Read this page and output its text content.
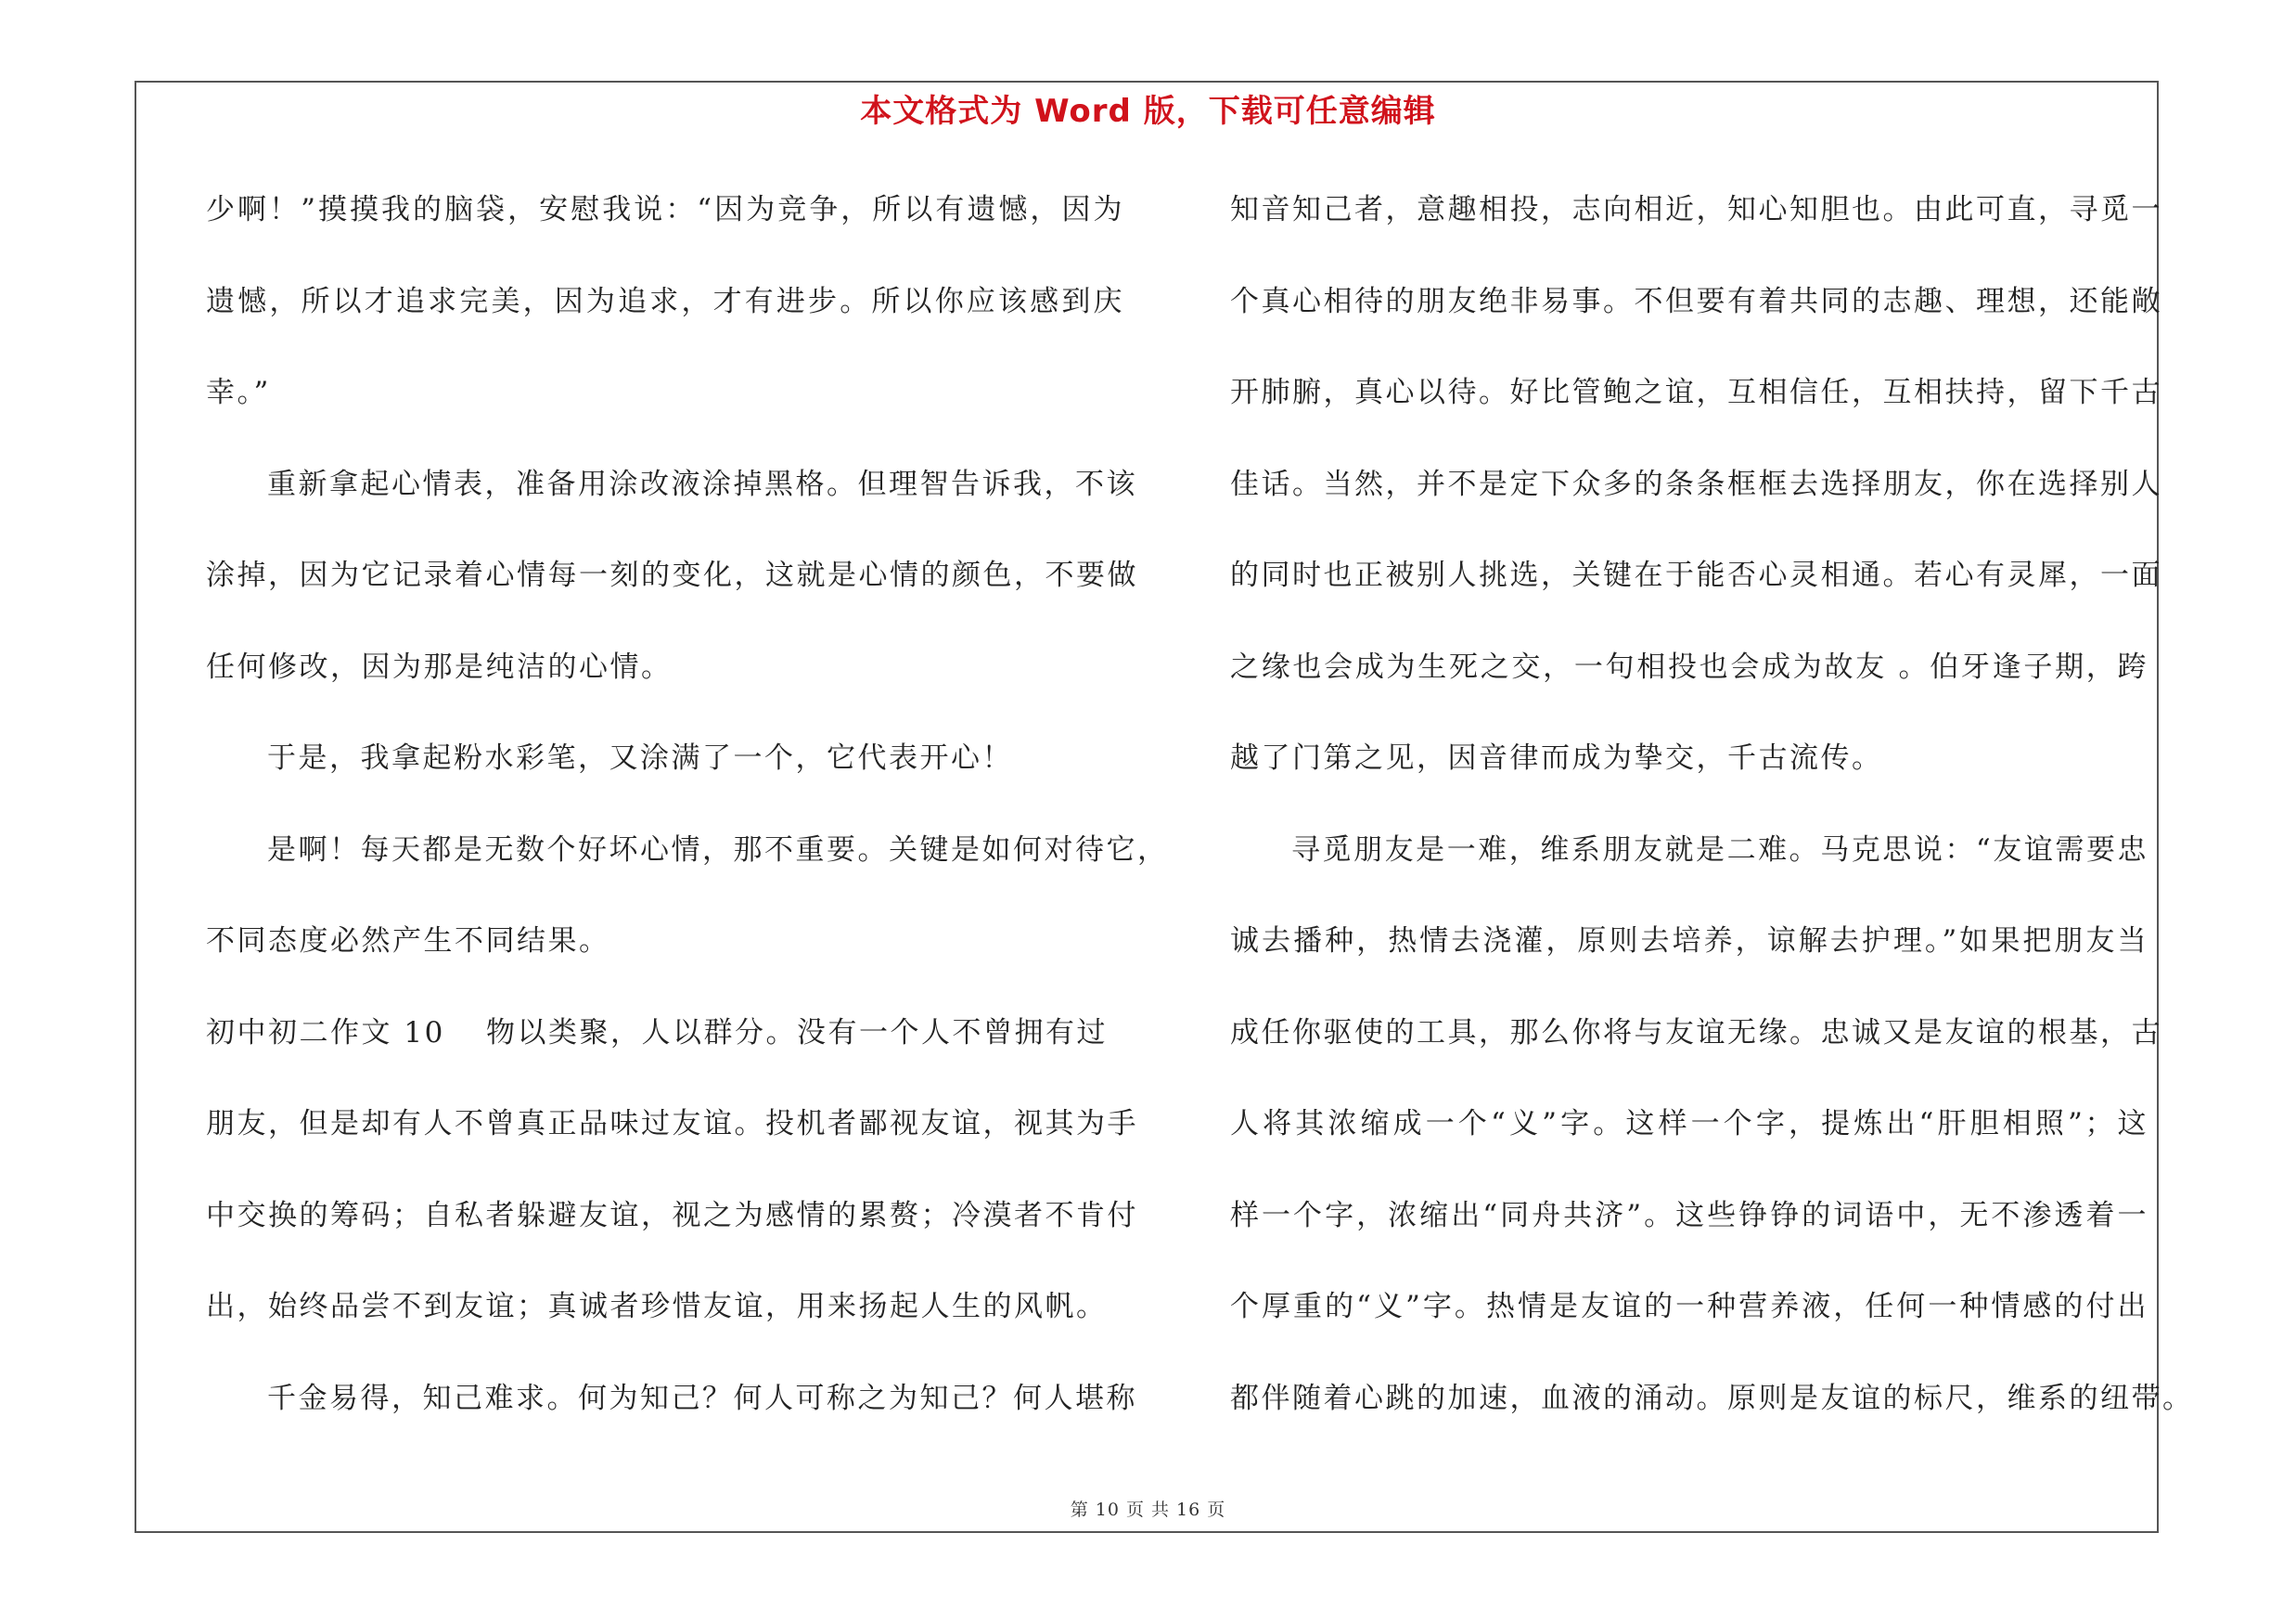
本文格式为 Word 版，下载可任意编辑
少啊！”摸摸我的脑袋，安慰我说：“因为竞争，所以有遗憾，因为
遗憾，所以才追求完美，因为追求，才有进步。所以你应该感到庆
幸。”
重新拿起心情表，准备用涂改液涂掉黑格。但理智告诉我，不该
涂掉，因为它记录着心情每一刻的变化，这就是心情的颜色，不要做
任何修改，因为那是纯洁的心情。
于是，我拿起粉水彩笔，又涂满了一个，它代表开心！
是啊！每天都是无数个好坏心情，那不重要。关键是如何对待它，
不同态度必然产生不同结果。
初中初二作文 10 物以类聚，人以群分。没有一个人不曾拥有过
朋友，但是却有人不曾真正品味过友谊。投机者鄙视友谊，视其为手
中交换的筹码；自私者躲避友谊，视之为感情的累赘；冷漠者不肯付
出，始终品尝不到友谊；真诚者珍惜友谊，用来扬起人生的风帆。
千金易得，知己难求。何为知己？何人可称之为知己？何人堪称
知音知己者，意趣相投，志向相近，知心知胆也。由此可直，寻觅一
个真心相待的朋友绝非易事。不但要有着共同的志趣、理想，还能敞
开肺腑，真心以待。好比管鲍之谊，互相信任，互相扶持，留下千古
佳话。当然，并不是定下众多的条条框框去选择朋友，你在选择别人
的同时也正被别人挑选，关键在于能否心灵相通。若心有灵犀，一面
之缘也会成为生死之交，一句相投也会成为故友 。伯牙逢子期，跨
越了门第之见，因音律而成为挚交，千古流传。
寻觅朋友是一难，维系朋友就是二难。马克思说：“友谊需要忠
诚去播种，热情去浇灌，原则去培养，谅解去护理。”如果把朋友当
成任你驱使的工具，那么你将与友谊无缘。忠诚又是友谊的根基，古
人将其浓缩成一个“义”字。这样一个字，提炼出“肝胆相照”；这
样一个字，浓缩出“同舟共济”。这些铮铮的词语中，无不渗透着一
个厚重的“义”字。热情是友谊的一种营养液，任何一种情感的付出
都伴随着心跳的加速，血液的涌动。原则是友谊的标尺，维系的纽带。
第 10 页 共 16 页
